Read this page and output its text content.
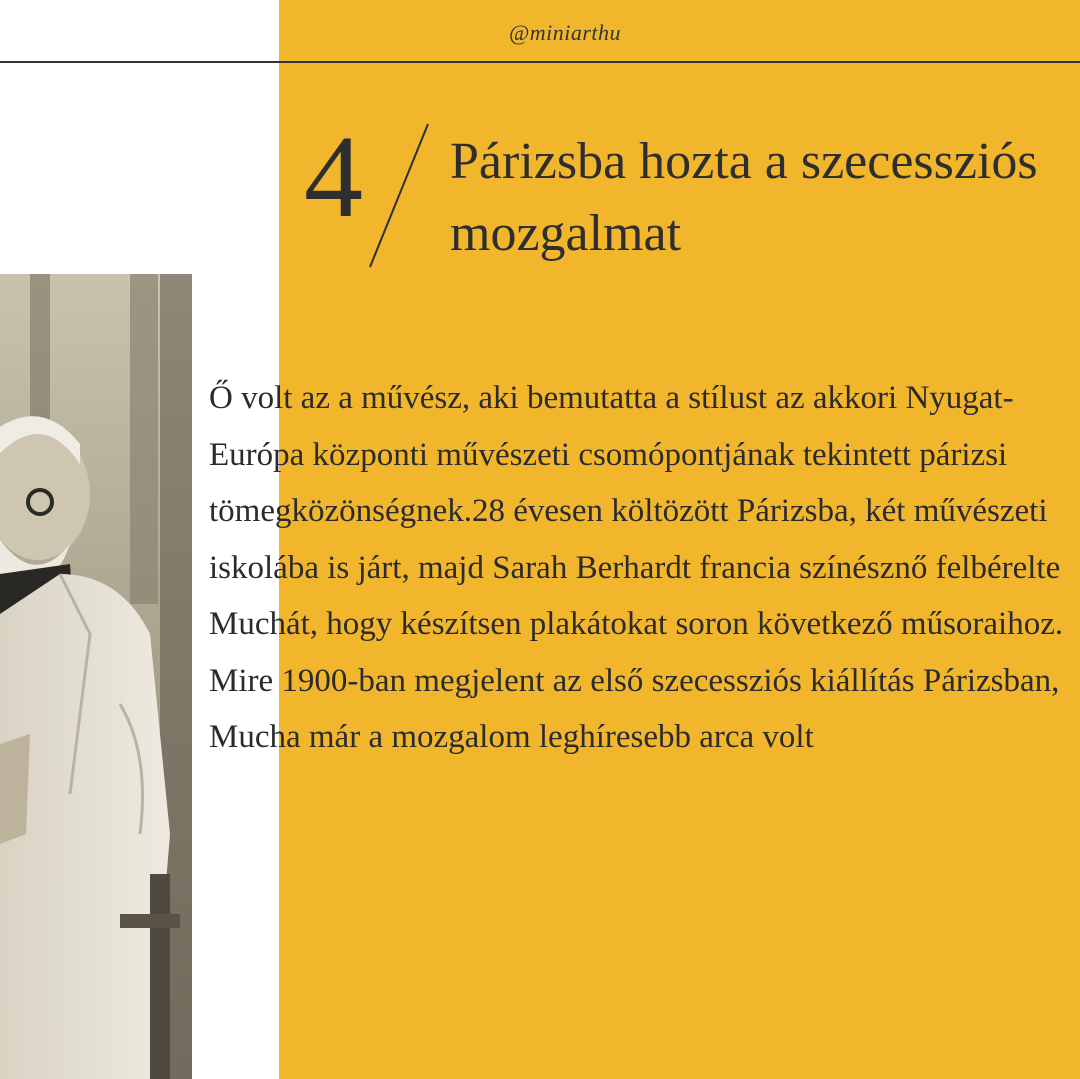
@miniarthu
4 Párizsba hozta a szecessziós mozgalmat

Ő volt az a művész, aki bemutatta a stílust az akkori Nyugat-Európa központi művészeti csomópontjának tekintett párizsi tömegközönségnek.28 évesen költözött Párizsba, két művészeti iskolába is járt, majd Sarah Berhardt francia színésznő felbérelte Muchát, hogy készítsen plakátokat soron következő műsoraihoz. Mire 1900-ban megjelent az első szecessziós kiállítás Párizsban, Mucha már a mozgalom leghíresebb arca volt
